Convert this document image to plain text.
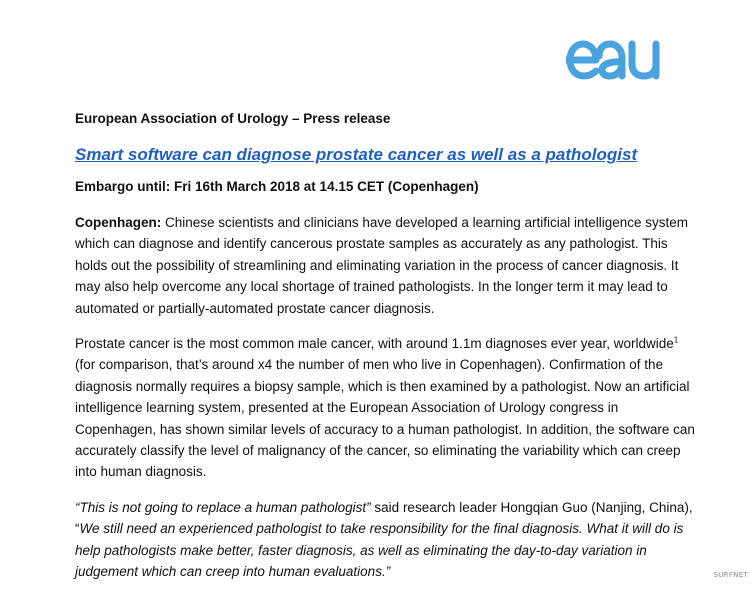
European Association of Urology – Press release
Smart software can diagnose prostate cancer as well as a pathologist
Embargo until: Fri 16th March 2018 at 14.15 CET (Copenhagen)

Copenhagen: Chinese scientists and clinicians have developed a learning artificial intelligence system which can diagnose and identify cancerous prostate samples as accurately as any pathologist. This holds out the possibility of streamlining and eliminating variation in the process of cancer diagnosis. It may also help overcome any local shortage of trained pathologists. In the longer term it may lead to automated or partially-automated prostate cancer diagnosis.

Prostate cancer is the most common male cancer, with around 1.1m diagnoses ever year, worldwide$^1$ (for comparison, that’s around x4 the number of men who live in Copenhagen). Confirmation of the diagnosis normally requires a biopsy sample, which is then examined by a pathologist. Now an artificial intelligence learning system, presented at the European Association of Urology congress in Copenhagen, has shown similar levels of accuracy to a human pathologist. In addition, the software can accurately classify the level of malignancy of the cancer, so eliminating the variability which can creep into human diagnosis.

“This is not going to replace a human pathologist” said research leader Hongqian Guo (Nanjing, China), “We still need an experienced pathologist to take responsibility for the final diagnosis. What it will do is help pathologists make better, faster diagnosis, as well as eliminating the day-to-day variation in judgement which can creep into human evaluations.”	SURFNET
